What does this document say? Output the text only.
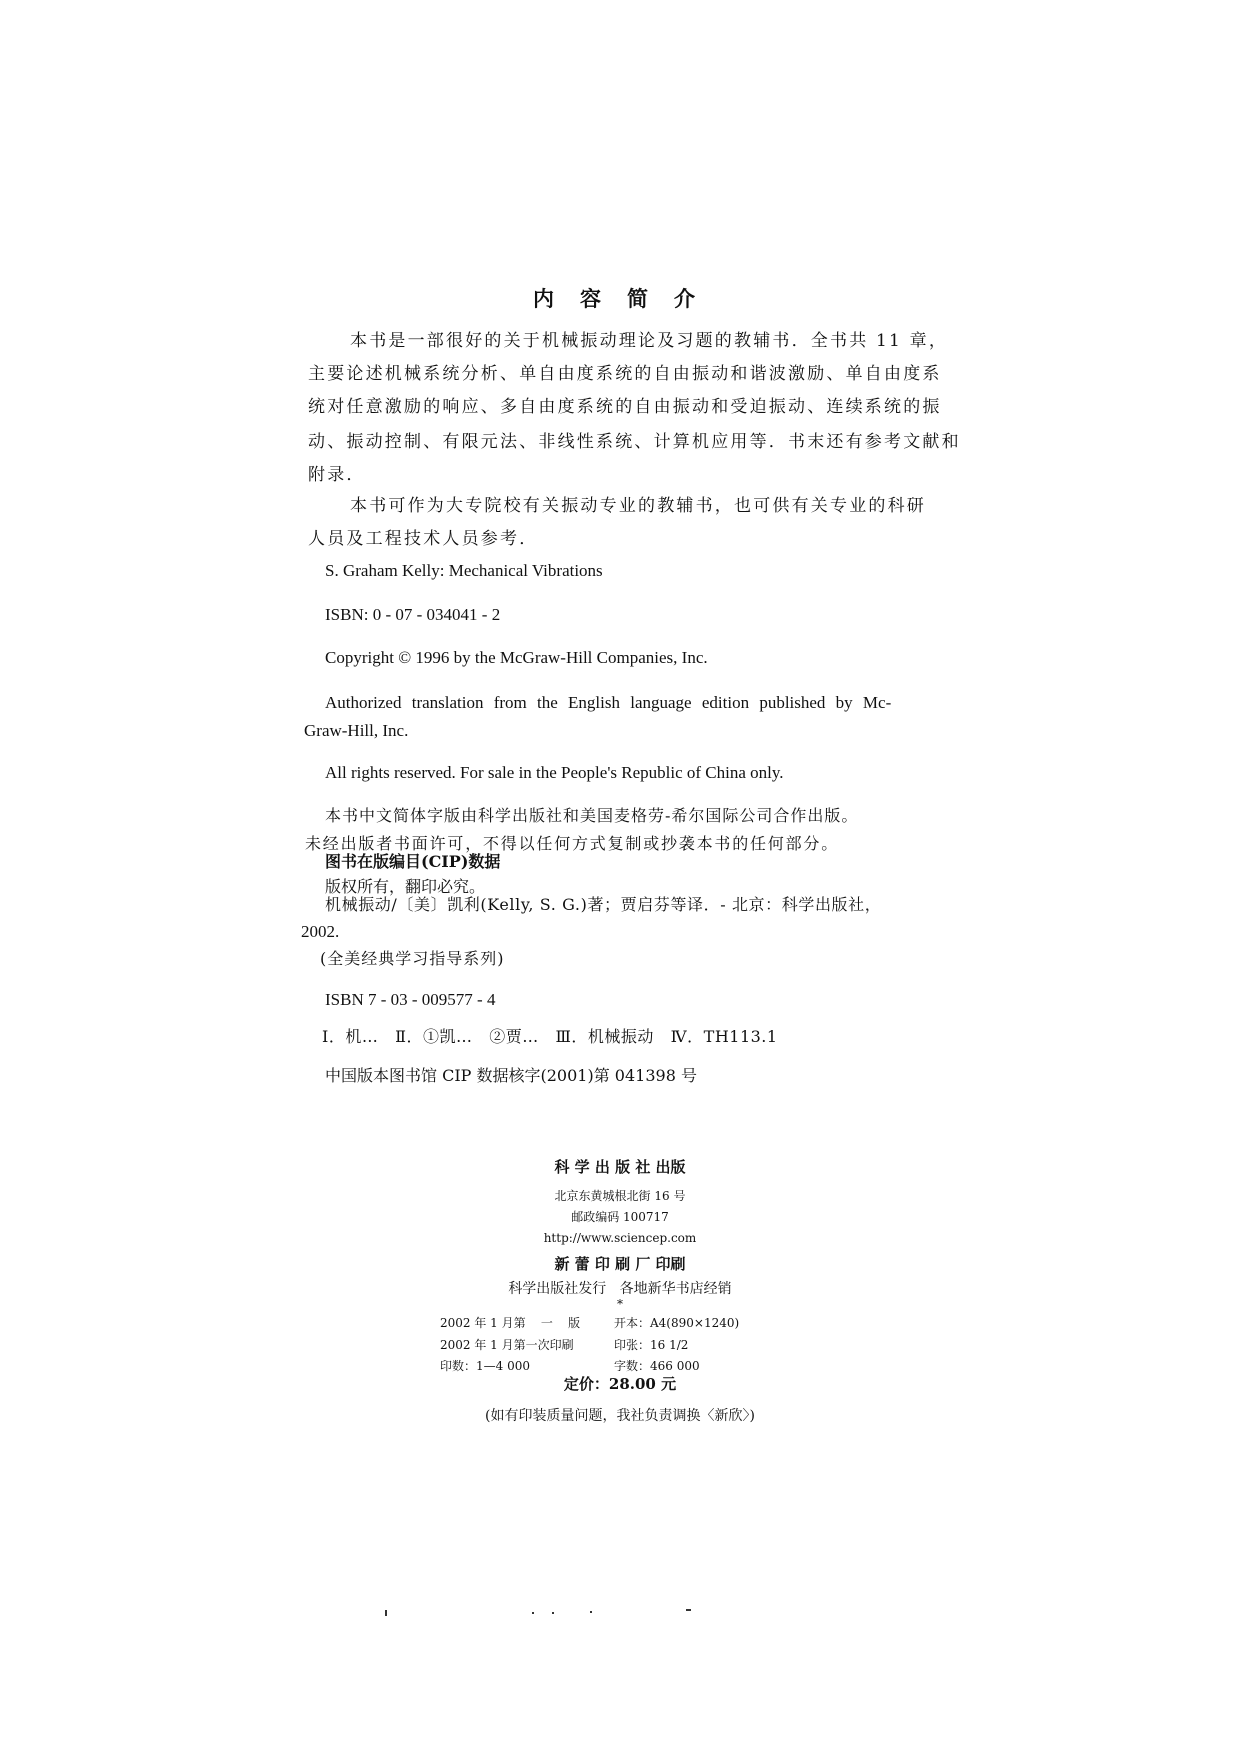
内容简介
本书是一部很好的关于机械振动理论及习题的教辅书．全书共 11 章，
主要论述机械系统分析、单自由度系统的自由振动和谐波激励、单自由度系
统对任意激励的响应、多自由度系统的自由振动和受迫振动、连续系统的振
动、振动控制、有限元法、非线性系统、计算机应用等．书末还有参考文献和
附录．
本书可作为大专院校有关振动专业的教辅书，也可供有关专业的科研
人员及工程技术人员参考．
S. Graham Kelly: Mechanical Vibrations
ISBN: 0 - 07 - 034041 - 2
Copyright © 1996 by the McGraw-Hill Companies, Inc.
Authorized translation from the English language edition published by Mc-
Graw-Hill, Inc.
All rights reserved. For sale in the People's Republic of China only.
本书中文简体字版由科学出版社和美国麦格劳-希尔国际公司合作出版。
未经出版者书面许可，不得以任何方式复制或抄袭本书的任何部分。
版权所有，翻印必究。
图书在版编目(CIP)数据
机械振动/〔美〕凯利(Kelly, S. G.)著；贾启芬等译．- 北京：科学出版社，
2002.
(全美经典学习指导系列)
ISBN 7 - 03 - 009577 - 4
Ⅰ．机…   Ⅱ．①凯…   ②贾…   Ⅲ．机械振动   Ⅳ．TH113.1
中国版本图书馆 CIP 数据核字(2001)第 041398 号
科 学 出 版 社 出版
北京东黄城根北街 16 号
邮政编码 100717
http://www.sciencep.com
新 蕾 印 刷 厂 印刷
科学出版社发行   各地新华书店经销
*
2002 年 1 月第    一    版	开本：A4(890×1240)
2002 年 1 月第一次印刷	印张：16 1/2
印数：1—4 000	字数：466 000
定价：28.00 元
(如有印装质量问题，我社负责调换〈新欣〉)
